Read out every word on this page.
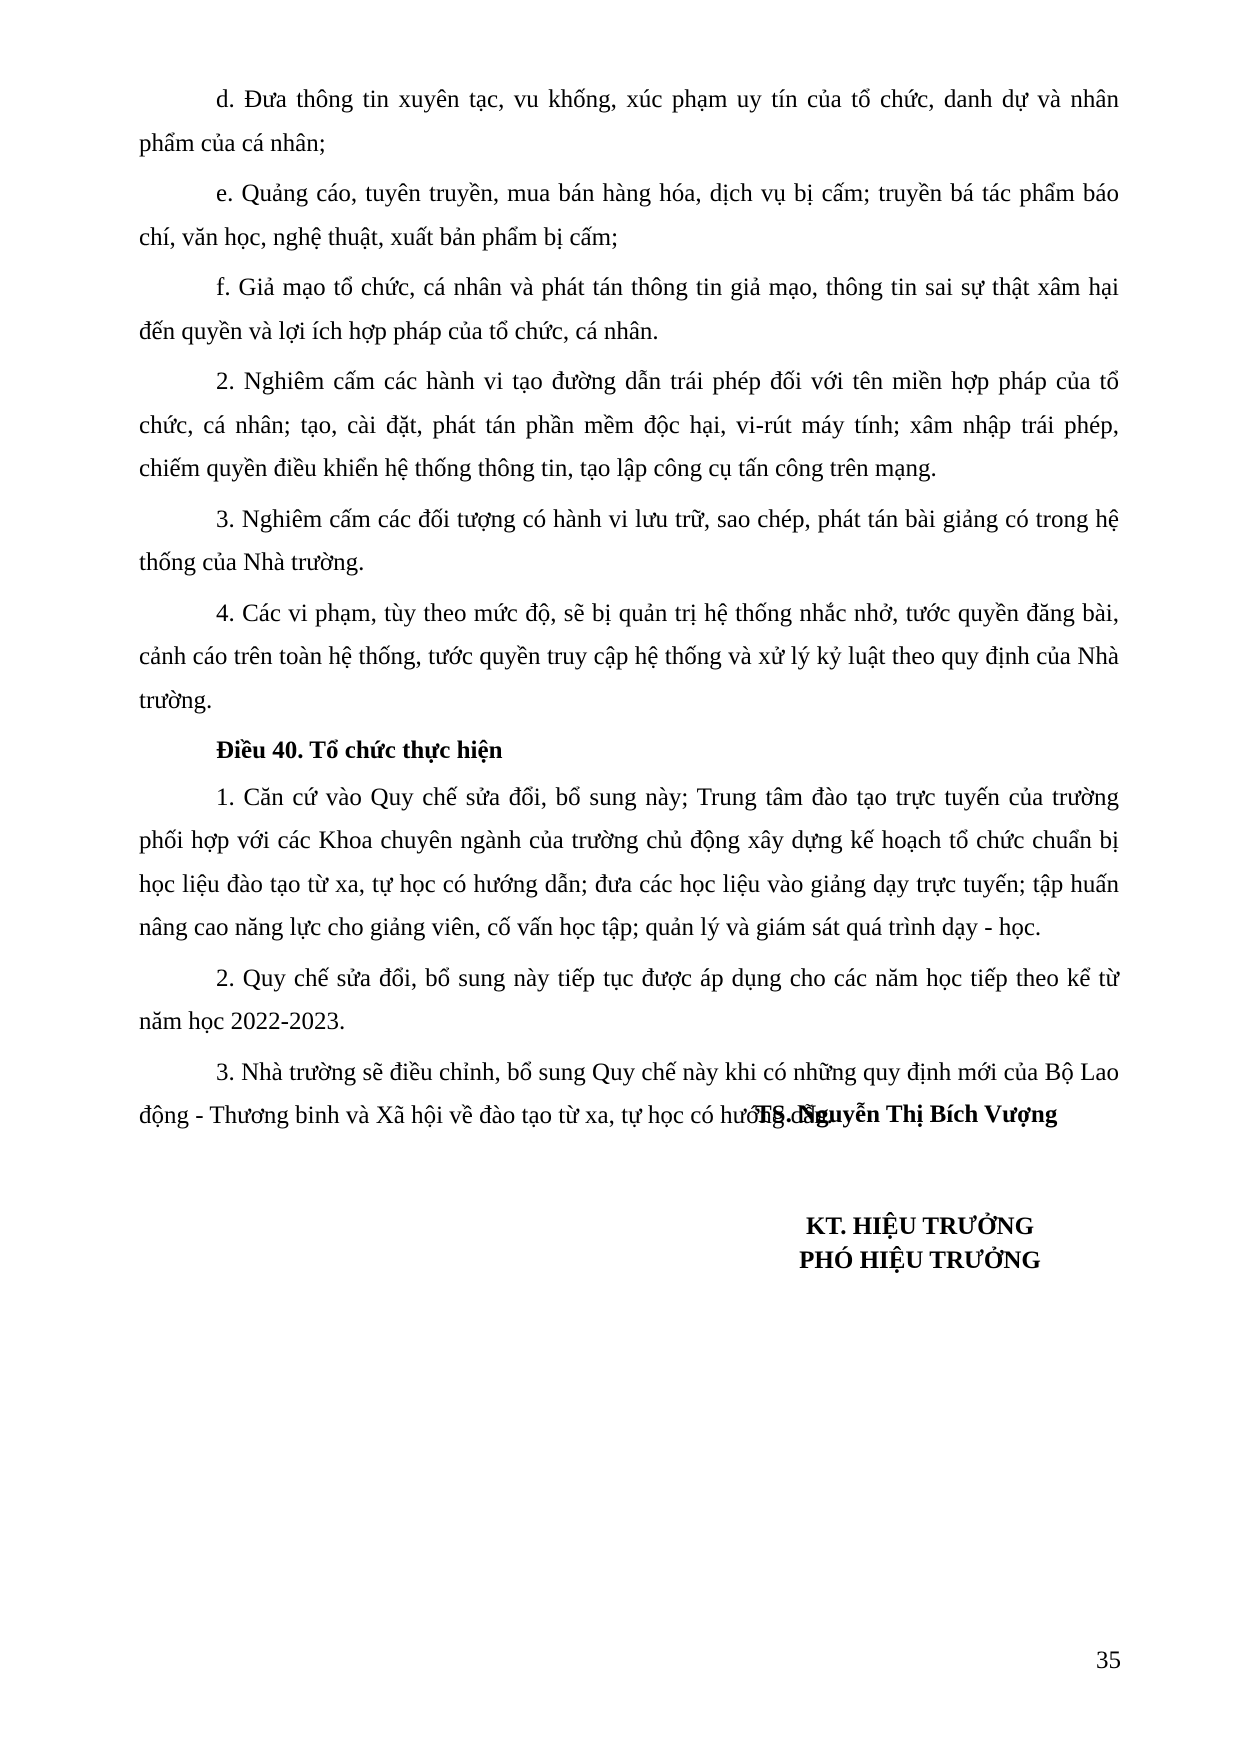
d. Đưa thông tin xuyên tạc, vu khống, xúc phạm uy tín của tổ chức, danh dự và nhân phẩm của cá nhân;

e. Quảng cáo, tuyên truyền, mua bán hàng hóa, dịch vụ bị cấm; truyền bá tác phẩm báo chí, văn học, nghệ thuật, xuất bản phẩm bị cấm;

f. Giả mạo tổ chức, cá nhân và phát tán thông tin giả mạo, thông tin sai sự thật xâm hại đến quyền và lợi ích hợp pháp của tổ chức, cá nhân.

2. Nghiêm cấm các hành vi tạo đường dẫn trái phép đối với tên miền hợp pháp của tổ chức, cá nhân; tạo, cài đặt, phát tán phần mềm độc hại, vi-rút máy tính; xâm nhập trái phép, chiếm quyền điều khiển hệ thống thông tin, tạo lập công cụ tấn công trên mạng.

3. Nghiêm cấm các đối tượng có hành vi lưu trữ, sao chép, phát tán bài giảng có trong hệ thống của Nhà trường.

4. Các vi phạm, tùy theo mức độ, sẽ bị quản trị hệ thống nhắc nhở, tước quyền đăng bài, cảnh cáo trên toàn hệ thống, tước quyền truy cập hệ thống và xử lý kỷ luật theo quy định của Nhà trường.

Điều 40. Tổ chức thực hiện

1. Căn cứ vào Quy chế sửa đổi, bổ sung này; Trung tâm đào tạo trực tuyến của trường phối hợp với các Khoa chuyên ngành của trường chủ động xây dựng kế hoạch tổ chức chuẩn bị học liệu đào tạo từ xa, tự học có hướng dẫn; đưa các học liệu vào giảng dạy trực tuyến; tập huấn nâng cao năng lực cho giảng viên, cố vấn học tập; quản lý và giám sát quá trình dạy - học.

2. Quy chế sửa đổi, bổ sung này tiếp tục được áp dụng cho các năm học tiếp theo kể từ năm học 2022-2023.

3. Nhà trường sẽ điều chỉnh, bổ sung Quy chế này khi có những quy định mới của Bộ Lao động - Thương binh và Xã hội về đào tạo từ xa, tự học có hướng dẫn.

KT. HIỆU TRƯỞNG
PHÓ HIỆU TRƯỞNG
TS. Nguyễn Thị Bích Vượng
35
